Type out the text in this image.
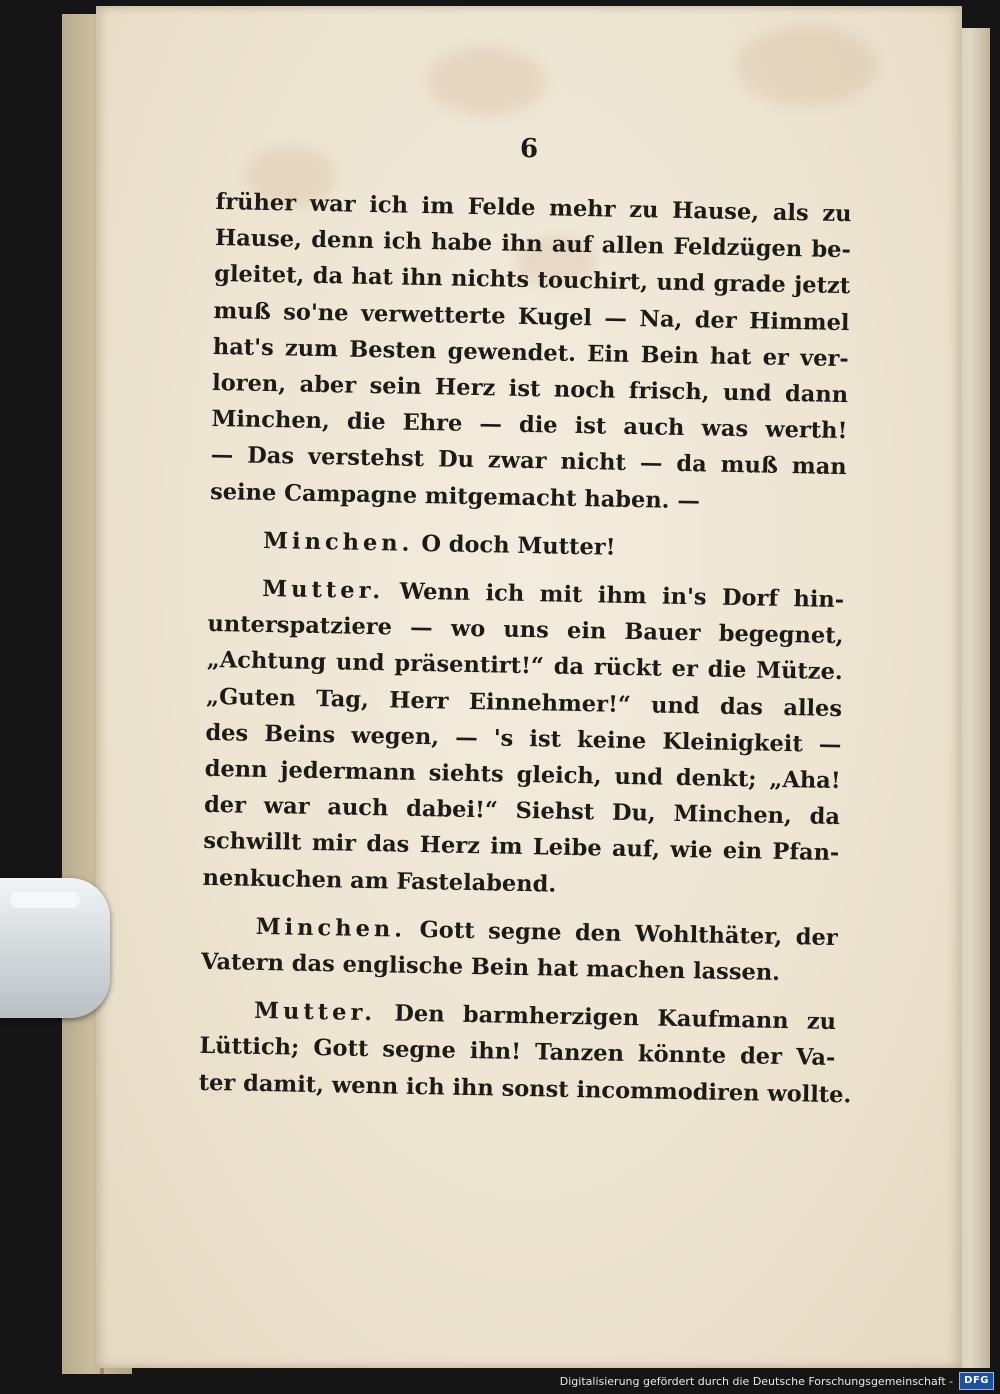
6
früher war ich im Felde mehr zu Hause, als zu
Hause, denn ich habe ihn auf allen Feldzügen be-
gleitet, da hat ihn nichts touchirt, und grade jetzt
muß so'ne verwetterte Kugel — Na, der Himmel
hat's zum Besten gewendet. Ein Bein hat er ver-
loren, aber sein Herz ist noch frisch, und dann
Minchen, die Ehre — die ist auch was werth!
— Das verstehst Du zwar nicht — da muß man
seine Campagne mitgemacht haben. —
Minchen. O doch Mutter!
Mutter. Wenn ich mit ihm in's Dorf hin-
unterspatziere — wo uns ein Bauer begegnet,
„Achtung und präsentirt!“ da rückt er die Mütze.
„Guten Tag, Herr Einnehmer!“ und das alles
des Beins wegen, — 's ist keine Kleinigkeit —
denn jedermann siehts gleich, und denkt; „Aha!
der war auch dabei!“ Siehst Du, Minchen, da
schwillt mir das Herz im Leibe auf, wie ein Pfan-
nenkuchen am Fastelabend.
Minchen. Gott segne den Wohlthäter, der
Vatern das englische Bein hat machen lassen.
Mutter. Den barmherzigen Kaufmann zu
Lüttich; Gott segne ihn! Tanzen könnte der Va-
ter damit, wenn ich ihn sonst incommodiren wollte.
Digitalisierung gefördert durch die Deutsche Forschungsgemeinschaft -	DFG
